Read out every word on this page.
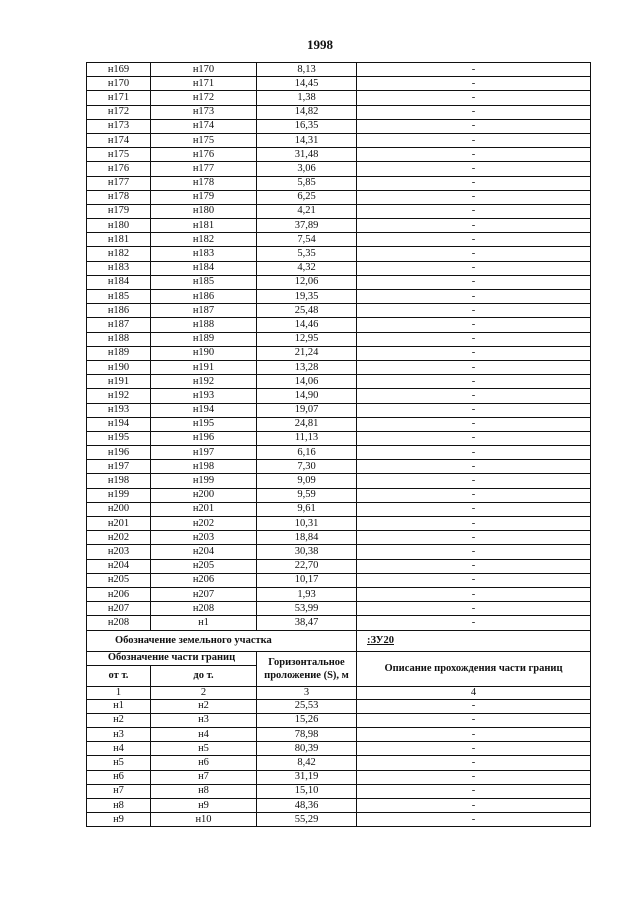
1998
н169	н170	8,13	-
н170	н171	14,45	-
н171	н172	1,38	-
н172	н173	14,82	-
н173	н174	16,35	-
н174	н175	14,31	-
н175	н176	31,48	-
н176	н177	3,06	-
н177	н178	5,85	-
н178	н179	6,25	-
н179	н180	4,21	-
н180	н181	37,89	-
н181	н182	7,54	-
н182	н183	5,35	-
н183	н184	4,32	-
н184	н185	12,06	-
н185	н186	19,35	-
н186	н187	25,48	-
н187	н188	14,46	-
н188	н189	12,95	-
н189	н190	21,24	-
н190	н191	13,28	-
н191	н192	14,06	-
н192	н193	14,90	-
н193	н194	19,07	-
н194	н195	24,81	-
н195	н196	11,13	-
н196	н197	6,16	-
н197	н198	7,30	-
н198	н199	9,09	-
н199	н200	9,59	-
н200	н201	9,61	-
н201	н202	10,31	-
н202	н203	18,84	-
н203	н204	30,38	-
н204	н205	22,70	-
н205	н206	10,17	-
н206	н207	1,93	-
н207	н208	53,99	-
н208	н1	38,47	-
Обозначение земельного участка			:ЗУ20
Обозначение части границ		Горизонтальное проложение (S), м	Описание прохождения части границ
от т.	до т.		
1	2	3	4
н1	н2	25,53	-
н2	н3	15,26	-
н3	н4	78,98	-
н4	н5	80,39	-
н5	н6	8,42	-
н6	н7	31,19	-
н7	н8	15,10	-
н8	н9	48,36	-
н9	н10	55,29	-
